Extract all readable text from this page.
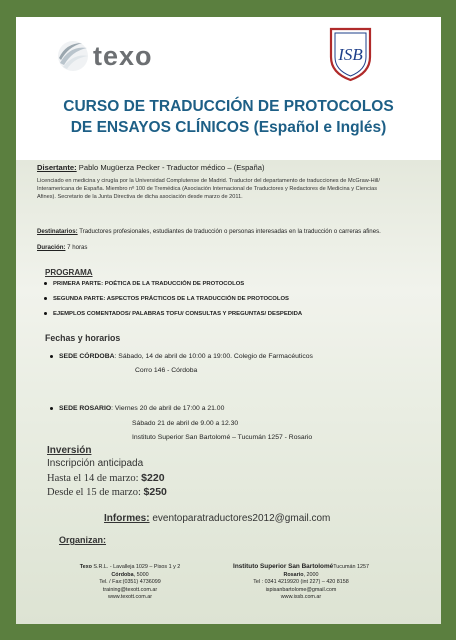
texo	ISB
CURSO DE TRADUCCIÓN DE PROTOCOLOS
DE ENSAYOS CLÍNICOS (Español e Inglés)
Disertante: Pablo Mugüerza Pecker - Traductor médico – (España)
Licenciado en medicina y cirugía por la Universidad Complutense de Madrid. Traductor del departamento de traducciones de McGraw-Hill/
Interamericana de España. Miembro nº 100 de Tremédica (Asociación Internacional de Traductores y Redactores de Medicina y Ciencias
Afines). Secretario de la Junta Directiva de dicha asociación desde marzo de 2011.
Destinatarios: Traductores profesionales, estudiantes de traducción o personas interesadas en la traducción o carreras afines.
Duración: 7 horas
PROGRAMA
PRIMERA PARTE: POÉTICA DE LA TRADUCCIÓN DE PROTOCOLOS
SEGUNDA PARTE: ASPECTOS PRÁCTICOS DE LA TRADUCCIÓN DE PROTOCOLOS
EJEMPLOS COMENTADOS/ PALABRAS TOFU/ CONSULTAS Y PREGUNTAS/ DESPEDIDA
Fechas y horarios
SEDE CÓRDOBA: Sábado, 14 de abril de 10:00 a 19:00. Colegio de Farmacéuticos
Corro 146 - Córdoba
SEDE ROSARIO: Viernes 20 de abril de 17:00 a 21.00
Sábado 21 de abril de 9.00 a 12.30
Instituto Superior San Bartolomé – Tucumán 1257 - Rosario
Inversión
Inscripción anticipada
Hasta el 14 de marzo: $220
Desde el 15 de marzo: $250
Informes: eventoparatraductores2012@gmail.com
Organizan:
Texo S.R.L. - Lavalleja 1029 – Pisos 1 y 2
Córdoba, 5000
Tel. / Fax:(0351) 4736099
training@texott.com.ar
www.texott.com.ar
Instituto Superior San BartoloméTucumán 1257
Rosario, 2000
Tel : 0341 4219920 (int 227) – 420 8158
ispisanbartolome@gmail.com
www.issb.com.ar
